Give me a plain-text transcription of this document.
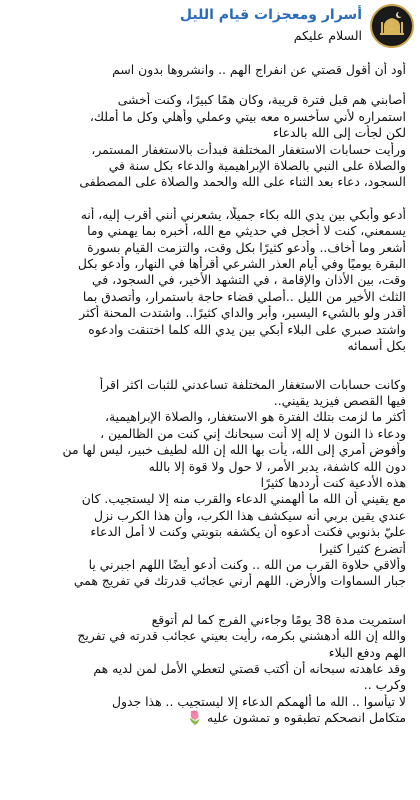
أسرار ومعجزات قيام الليل
السلام عليكم

أود أن أقول قصتي عن انفراج الهم .. وانشروها بدون اسم

أصابني هم قبل فترة قريبة، وكان همًا كبيرًا، وكنت أخشى
استمراره لأني سأخسره معه بيتي وعملي وأهلي وكل ما أملك،
لكن لجأت إلى الله بالدعاء

ورأيت حسابات الاستغفار المختلفة فبدأت بالاستغفار المستمر،
والصلاة على النبي بالصلاة الإبراهيمية والدعاء بكل سنة في
السجود، دعاء بعد الثناء على الله والحمد والصلاة على المصطفى

أدعو وأبكي بين يدي الله بكاء جميلًا، يشعرني أنني أقرب إليه، أنه
يسمعني، كنت لا أخجل في حديثي مع الله، أخبره بما يهمني وما
أشعر وما أخاف.. وأدعو كثيرًا بكل وقت، والتزمت القيام بسورة
البقرة يوميًا وفي أيام العذر الشرعي أقرأها في النهار، وأدعو بكل
وقت، بين الأذان والإقامة ، في التشهد الأخير، في السجود، في
الثلث الأخير من الليل ..أصلي قضاء حاجة باستمرار، وأتصدق بما
أقدر ولو بالشيء اليسير، وأبر والداي كثيرًا.. واشتدت المحنة أكثر
واشتد صبري على البلاء أبكي بين يدي الله كلما اختنقت وادعوه
بكل أسمائه

وكانت حسابات الاستغفار المختلفة تساعدني للثبات اكثر اقرأ
فيها القصص فيزيد يقيني..
أكثر ما لزمت بتلك الفترة هو الاستغفار، والصلاة الإبراهيمية،
ودعاء ذا النون لا إله إلا أنت سبحانك إني كنت من الظالمين ،
وأفوض أمري إلى الله، يأت بها الله إن الله لطيف خبير، ليس لها من
دون الله كاشفة، يدبر الأمر، لا حول ولا قوة إلا بالله
هذه الأدعية كنت أرددها كثيرًا
مع يقيني أن الله ما ألهمني الدعاء والقرب منه إلا ليستجيب. كان
عندي يقين بربي أنه سيكشف هذا الكرب، وأن هذا الكرب نزل
عليّ بذنوبي فكنت أدعوه أن يكشفه بتوبتي وكنت لا أمل الدعاء
أتضرع كثيرا كثيرا
وألاقي حلاوة القرب من الله .. وكنت أدعو أيضًا اللهم اجبرني يا
جبار السماوات والأرض. اللهم أرني عجائب قدرتك في تفريج همي

استمريت مدة 38 يومًا وجاءني الفرج كما لم أتوقع
والله إن الله أدهشني بكرمه، رأيت بعيني عجائب قدرته في تفريج
الهم ودفع البلاء
وقد عاهدته سبحانه أن أكتب قصتي لتعطي الأمل لمن لديه هم
وكرب ..
لا تيأسوا .. الله ما ألهمكم الدعاء إلا ليستجيب .. هذا جدول
متكامل انصحكم تطبقوه و تمشون عليه 🌷
